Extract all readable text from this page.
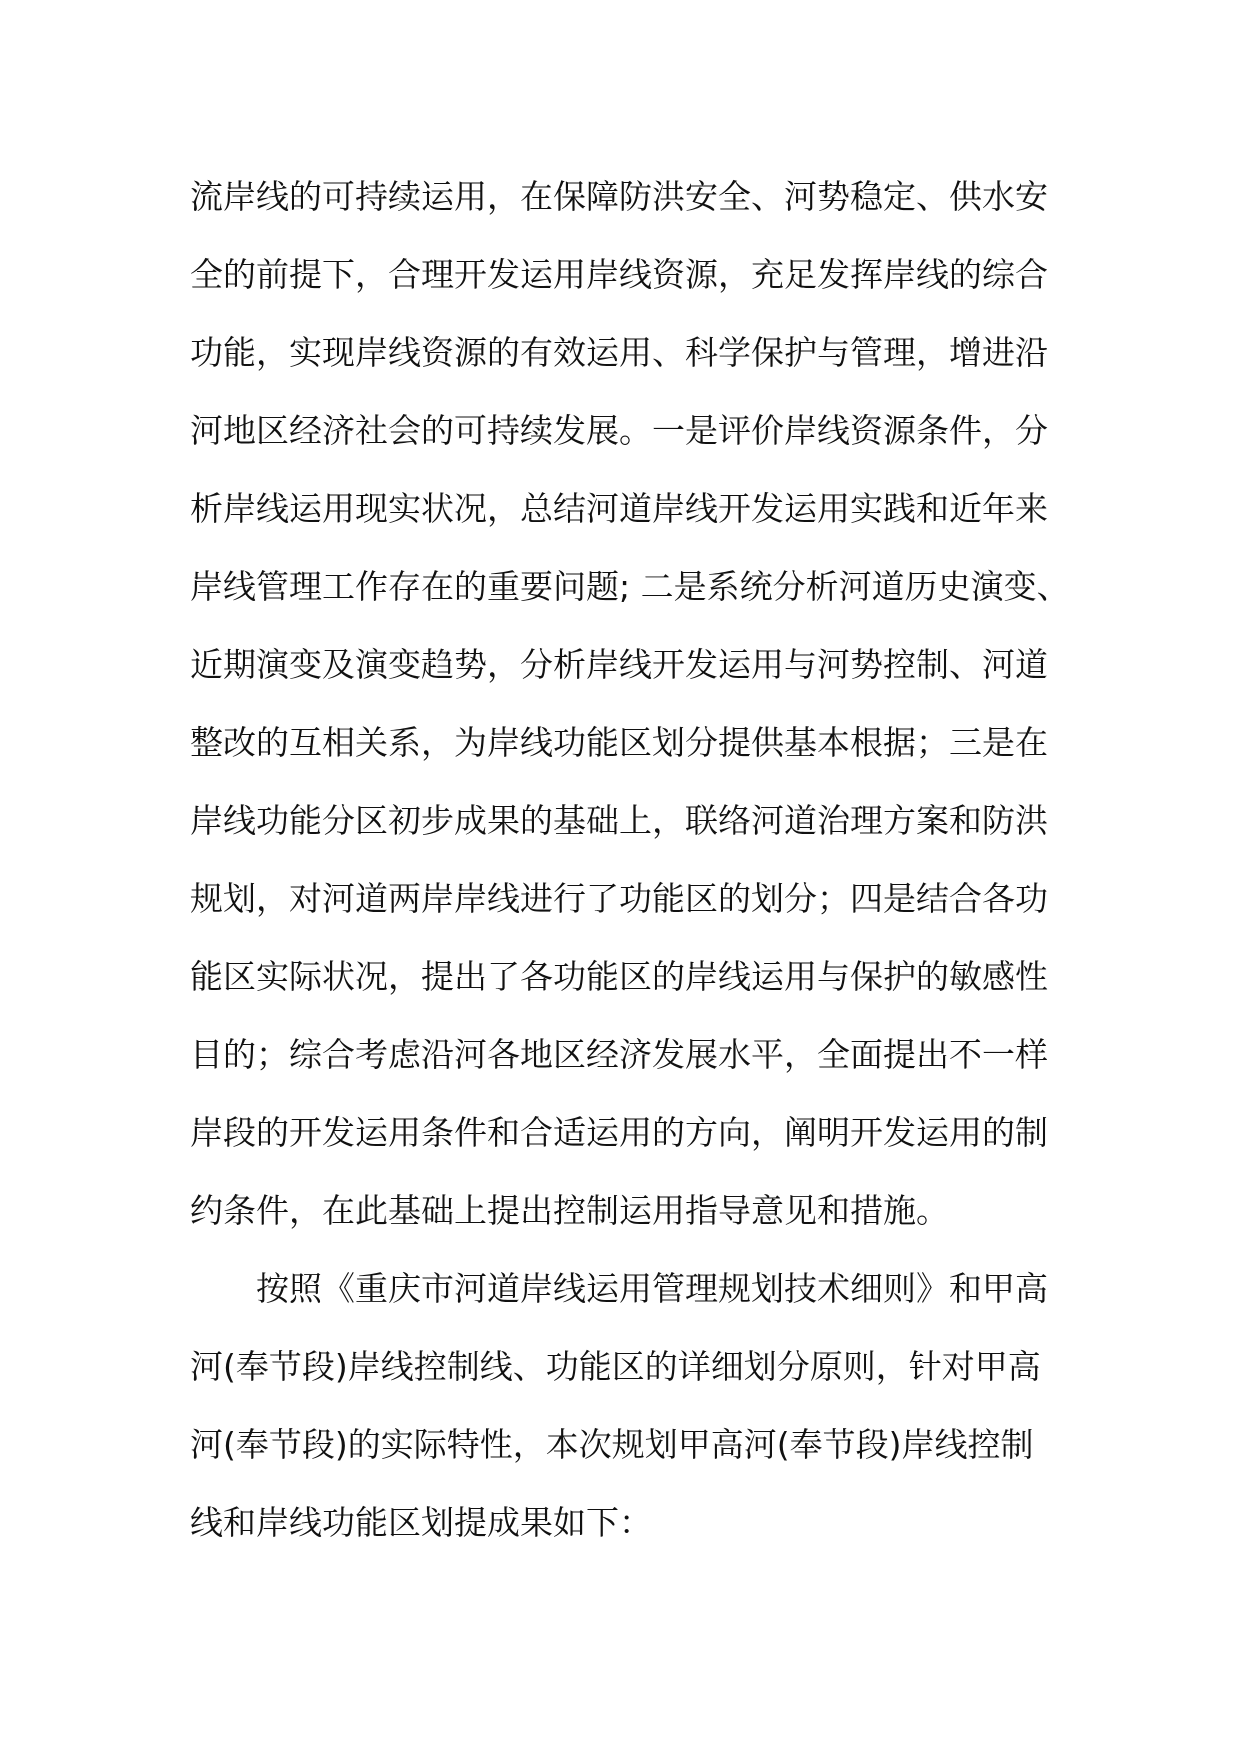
流岸线的可持续运用，在保障防洪安全、河势稳定、供水安
全的前提下，合理开发运用岸线资源，充足发挥岸线的综合
功能，实现岸线资源的有效运用、科学保护与管理，增进沿
河地区经济社会的可持续发展。一是评价岸线资源条件，分
析岸线运用现实状况，总结河道岸线开发运用实践和近年来
岸线管理工作存在的重要问题; 二是系统分析河道历史演变、
近期演变及演变趋势，分析岸线开发运用与河势控制、河道
整改的互相关系，为岸线功能区划分提供基本根据；三是在
岸线功能分区初步成果的基础上，联络河道治理方案和防洪
规划，对河道两岸岸线进行了功能区的划分；四是结合各功
能区实际状况，提出了各功能区的岸线运用与保护的敏感性
目的；综合考虑沿河各地区经济发展水平，全面提出不一样
岸段的开发运用条件和合适运用的方向，阐明开发运用的制
约条件，在此基础上提出控制运用指导意见和措施。
按照《重庆市河道岸线运用管理规划技术细则》和甲高
河(奉节段)岸线控制线、功能区的详细划分原则，针对甲高
河(奉节段)的实际特性，本次规划甲高河(奉节段)岸线控制
线和岸线功能区划提成果如下：
